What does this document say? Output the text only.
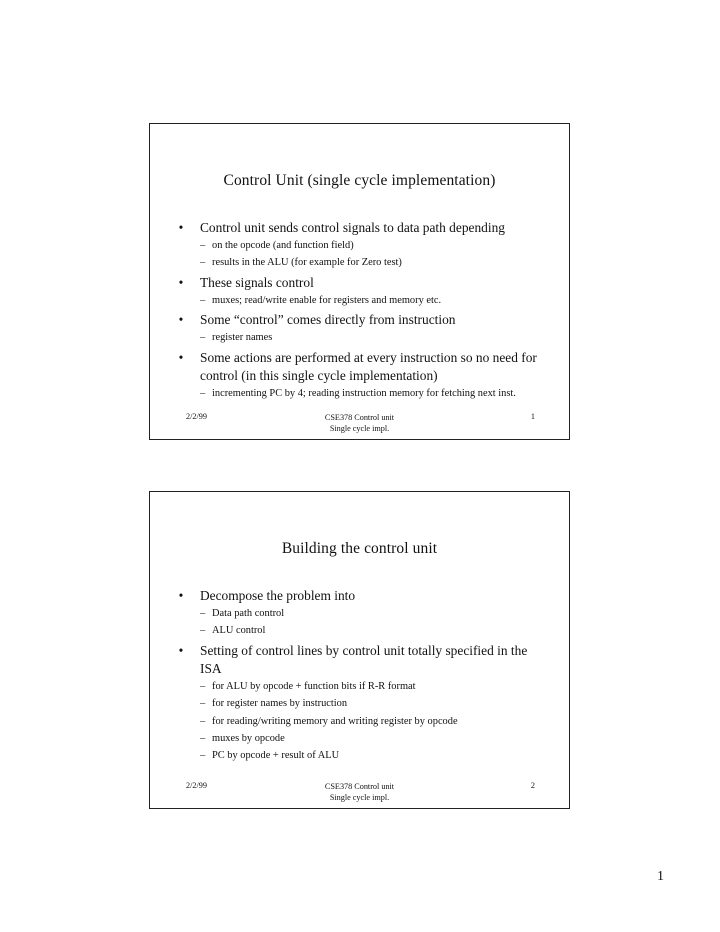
Control Unit (single cycle implementation)
•	Control unit sends control signals to data path depending
– on the opcode (and function field)
– results in the ALU (for example for Zero test)
•	These signals control
– muxes; read/write enable for registers and memory etc.
•	Some “control” comes directly from instruction
– register names
•	Some actions are performed at every instruction so no need for control (in this single cycle implementation)
– incrementing PC by 4; reading instruction memory for fetching next inst.
2/2/99	CSE378 Control unit
Single cycle impl.
1
Building the control unit
•	Decompose the problem into
– Data path control
– ALU control
•	Setting of control lines by control unit totally specified in the ISA
– for ALU by opcode + function bits if R-R format
– for register names by instruction
– for reading/writing memory and writing register by opcode
– muxes by opcode
– PC by opcode + result of ALU
2/2/99	CSE378 Control unit
Single cycle impl.
2
1
